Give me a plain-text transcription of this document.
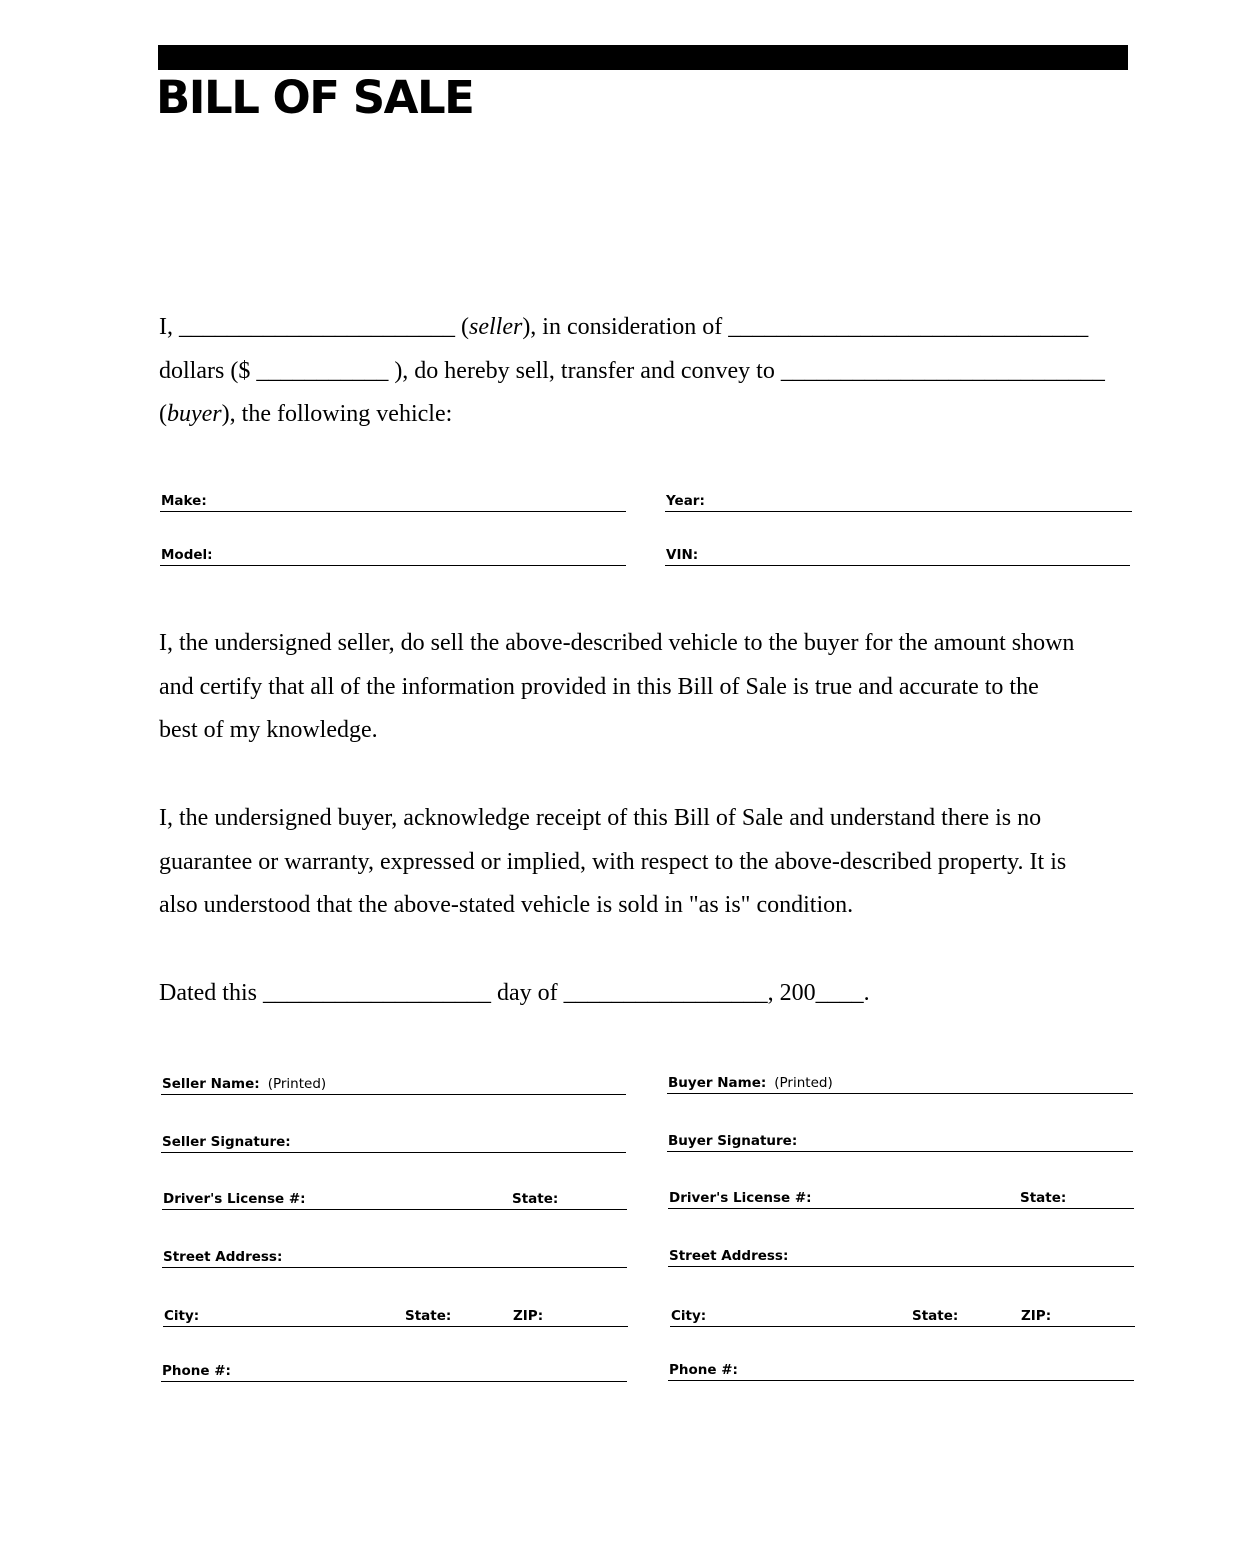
BILL OF SALE
I, _______________________ (seller), in consideration of ______________________________
dollars ($ ___________ ), do hereby sell, transfer and convey to ___________________________
(buyer), the following vehicle:
Make:	Year:
Model:	VIN:
I, the undersigned seller, do sell the above-described vehicle to the buyer for the amount shown
and certify that all of the information provided in this Bill of Sale is true and accurate to the
best of my knowledge.
I, the undersigned buyer, acknowledge receipt of this Bill of Sale and understand there is no
guarantee or warranty, expressed or implied, with respect to the above-described property. It is
also understood that the above-stated vehicle is sold in "as is" condition.
Dated this ___________________ day of _________________, 200____.
Seller Name: (Printed)
Seller Signature:
Driver's License #:	State:
Street Address:
City:	State:	ZIP:
Phone #:
Buyer Name: (Printed)
Buyer Signature:
Driver's License #:	State:
Street Address:
City:	State:	ZIP:
Phone #:
